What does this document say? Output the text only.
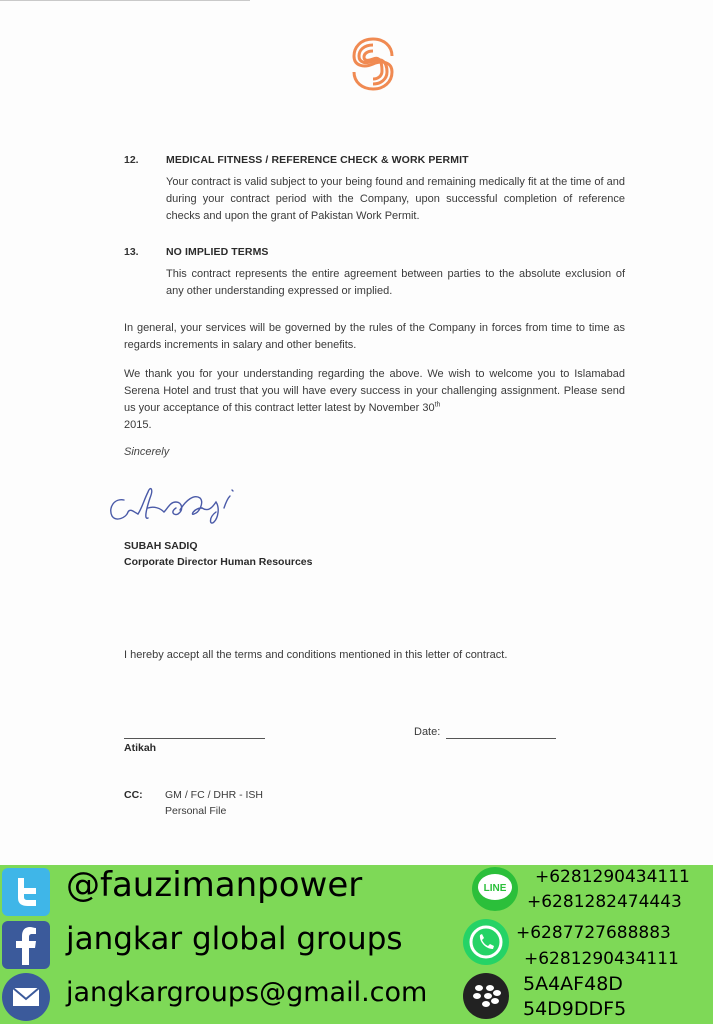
12.	MEDICAL FITNESS / REFERENCE CHECK & WORK PERMIT
Your contract is valid subject to your being found and remaining medically fit at the time of and during your contract period with the Company, upon successful completion of reference checks and upon the grant of Pakistan Work Permit.
13.	NO IMPLIED TERMS
This contract represents the entire agreement between parties to the absolute exclusion of any other understanding expressed or implied.
In general, your services will be governed by the rules of the Company in forces from time to time as regards increments in salary and other benefits.
We thank you for your understanding regarding the above. We wish to welcome you to Islamabad Serena Hotel and trust that you will have every success in your challenging assignment. Please send us your acceptance of this contract letter latest by November 30th
2015.
Sincerely
SUBAH SADIQ
Corporate Director Human Resources
I hereby accept all the terms and conditions mentioned in this letter of contract.
Atikah
Date:
CC: GM / FC / DHR - ISH
Personal File
@fauzimanpower
jangkar global groups
jangkargroups@gmail.com
LINE
+6281290434111
+6281282474443
+6287727688883
+6281290434111
5A4AF48D
54D9DDF5
